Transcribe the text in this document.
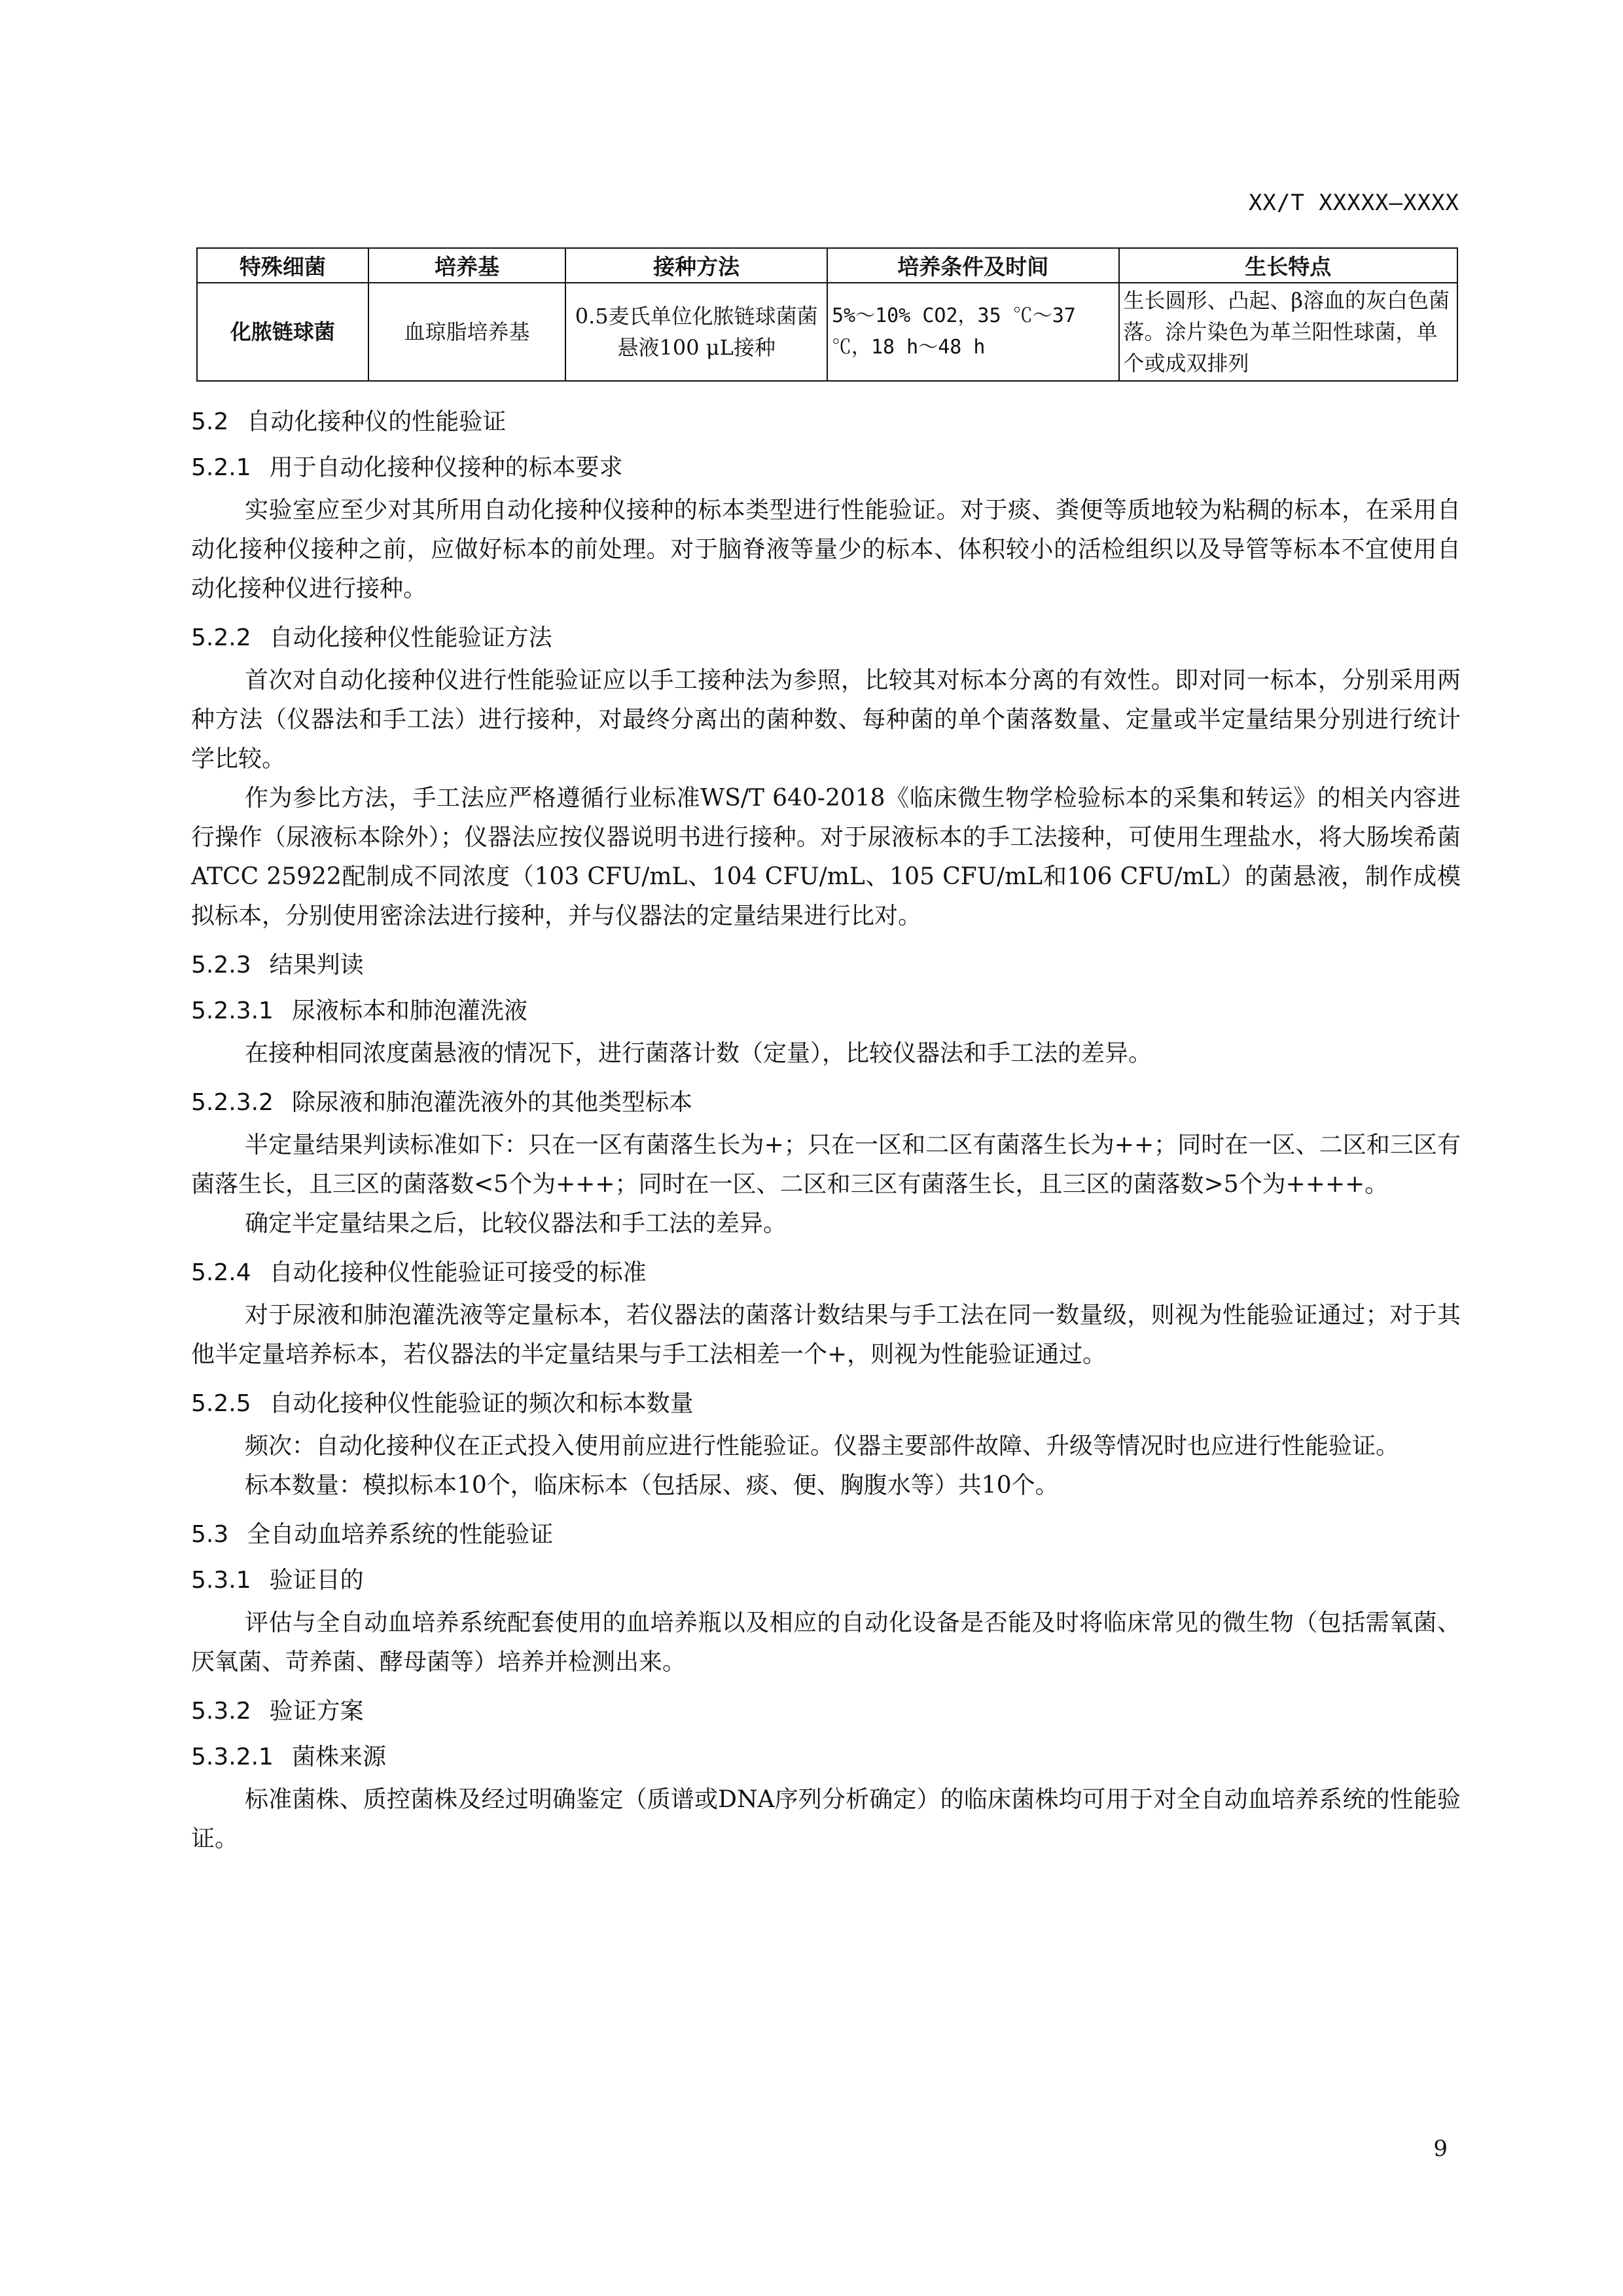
XX/T XXXXX—XXXX
特殊细菌	培养基	接种方法	培养条件及时间	生长特点
化脓链球菌	血琼脂培养基	0.5麦氏单位化脓链球菌菌悬液100 μL接种	5%～10% CO2，35 ℃～37 ℃，18 h～48 h	生长圆形、凸起、β溶血的灰白色菌落。涂片染色为革兰阳性球菌，单个或成双排列
5.2 自动化接种仪的性能验证
5.2.1 用于自动化接种仪接种的标本要求

实验室应至少对其所用自动化接种仪接种的标本类型进行性能验证。对于痰、粪便等质地较为粘稠的标本，在采用自动化接种仪接种之前，应做好标本的前处理。对于脑脊液等量少的标本、体积较小的活检组织以及导管等标本不宜使用自动化接种仪进行接种。

5.2.2 自动化接种仪性能验证方法

首次对自动化接种仪进行性能验证应以手工接种法为参照，比较其对标本分离的有效性。即对同一标本，分别采用两种方法（仪器法和手工法）进行接种，对最终分离出的菌种数、每种菌的单个菌落数量、定量或半定量结果分别进行统计学比较。

作为参比方法，手工法应严格遵循行业标准WS/T 640-2018《临床微生物学检验标本的采集和转运》的相关内容进行操作（尿液标本除外）；仪器法应按仪器说明书进行接种。对于尿液标本的手工法接种，可使用生理盐水，将大肠埃希菌ATCC 25922配制成不同浓度（103 CFU/mL、104 CFU/mL、105 CFU/mL和106 CFU/mL）的菌悬液，制作成模拟标本，分别使用密涂法进行接种，并与仪器法的定量结果进行比对。

5.2.3 结果判读
5.2.3.1 尿液标本和肺泡灌洗液

在接种相同浓度菌悬液的情况下，进行菌落计数（定量），比较仪器法和手工法的差异。

5.2.3.2 除尿液和肺泡灌洗液外的其他类型标本

半定量结果判读标准如下：只在一区有菌落生长为+；只在一区和二区有菌落生长为++；同时在一区、二区和三区有菌落生长，且三区的菌落数<5个为+++；同时在一区、二区和三区有菌落生长，且三区的菌落数>5个为++++。

确定半定量结果之后，比较仪器法和手工法的差异。

5.2.4 自动化接种仪性能验证可接受的标准

对于尿液和肺泡灌洗液等定量标本，若仪器法的菌落计数结果与手工法在同一数量级，则视为性能验证通过；对于其他半定量培养标本，若仪器法的半定量结果与手工法相差一个+，则视为性能验证通过。

5.2.5 自动化接种仪性能验证的频次和标本数量

频次：自动化接种仪在正式投入使用前应进行性能验证。仪器主要部件故障、升级等情况时也应进行性能验证。

标本数量：模拟标本10个，临床标本（包括尿、痰、便、胸腹水等）共10个。

5.3 全自动血培养系统的性能验证
5.3.1 验证目的

评估与全自动血培养系统配套使用的血培养瓶以及相应的自动化设备是否能及时将临床常见的微生物（包括需氧菌、厌氧菌、苛养菌、酵母菌等）培养并检测出来。

5.3.2 验证方案
5.3.2.1 菌株来源

标准菌株、质控菌株及经过明确鉴定（质谱或DNA序列分析确定）的临床菌株均可用于对全自动血培养系统的性能验证。

9
